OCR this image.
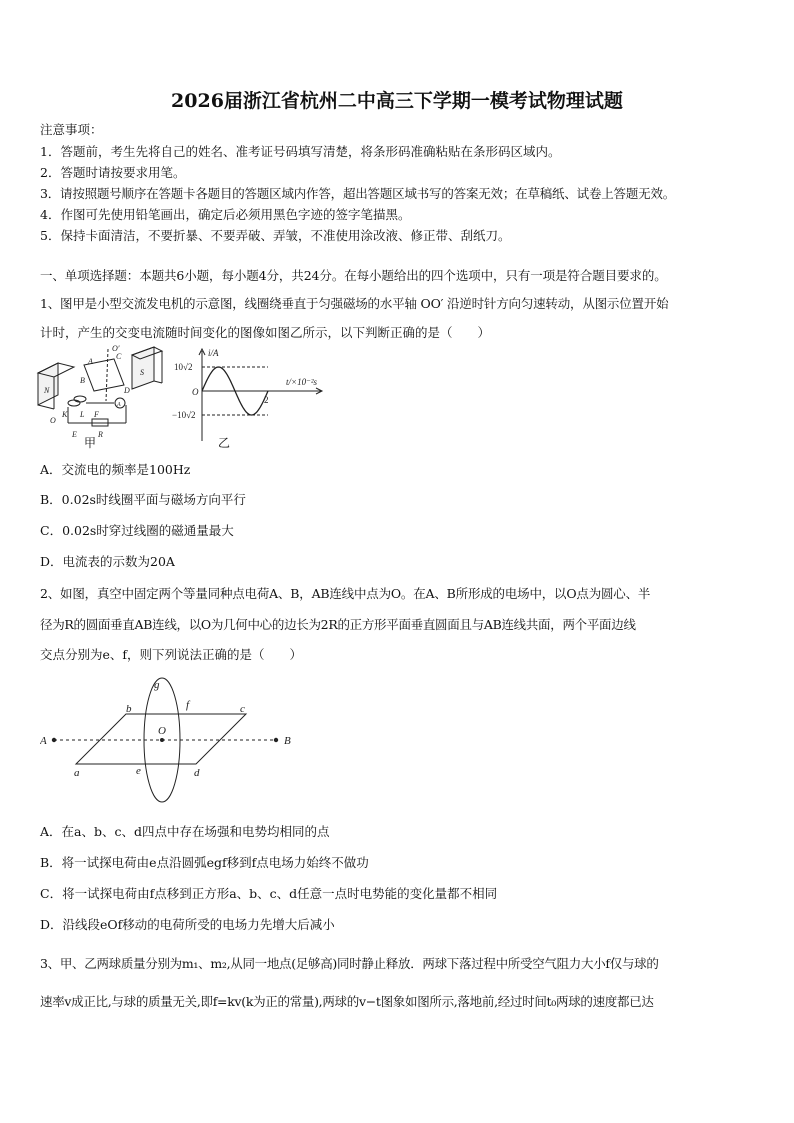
2026届浙江省杭州二中高三下学期一模考试物理试题
注意事项：
1．答题前，考生先将自己的姓名、准考证号码填写清楚，将条形码准确粘贴在条形码区域内。
2．答题时请按要求用笔。
3．请按照题号顺序在答题卡各题目的答题区域内作答，超出答题区域书写的答案无效；在草稿纸、试卷上答题无效。
4．作图可先使用铅笔画出，确定后必须用黑色字迹的签字笔描黑。
5．保持卡面清洁，不要折暴、不要弄破、弄皱，不准使用涂改液、修正带、刮纸刀。
一、单项选择题：本题共6小题，每小题4分，共24分。在每小题给出的四个选项中，只有一项是符合题目要求的。
1、图甲是小型交流发电机的示意图，线圈绕垂直于匀强磁场的水平轴 OO′ 沿逆时针方向匀速转动，从图示位置开始
计时，产生的交变电流随时间变化的图像如图乙所示，以下判断正确的是（　　）
N
S
A
B
C
D
O
O′
E
F
R
K L
A
甲
i/A
t/×10⁻²s
10√2
−10√2
O
2
乙
A．交流电的频率是100Hz
B．0.02s时线圈平面与磁场方向平行
C．0.02s时穿过线圈的磁通量最大
D．电流表的示数为20A
2、如图，真空中固定两个等量同种点电荷A、B，AB连线中点为O。在A、B所形成的电场中，以O点为圆心、半
径为R的圆面垂直AB连线，以O为几何中心的边长为2R的正方形平面垂直圆面且与AB连线共面，两个平面边线
交点分别为e、f，则下列说法正确的是（　　）
A	B
O
a
b	c
d
e
f
g
A．在a、b、c、d四点中存在场强和电势均相同的点
B．将一试探电荷由e点沿圆弧egf移到f点电场力始终不做功
C．将一试探电荷由f点移到正方形a、b、c、d任意一点时电势能的变化量都不相同
D．沿线段eOf移动的电荷所受的电场力先增大后减小
3、甲、乙两球质量分别为m₁、m₂,从同一地点(足够高)同时静止释放．两球下落过程中所受空气阻力大小f仅与球的
速率v成正比,与球的质量无关,即f=kv(k为正的常量),两球的v−t图象如图所示,落地前,经过时间t₀两球的速度都已达
